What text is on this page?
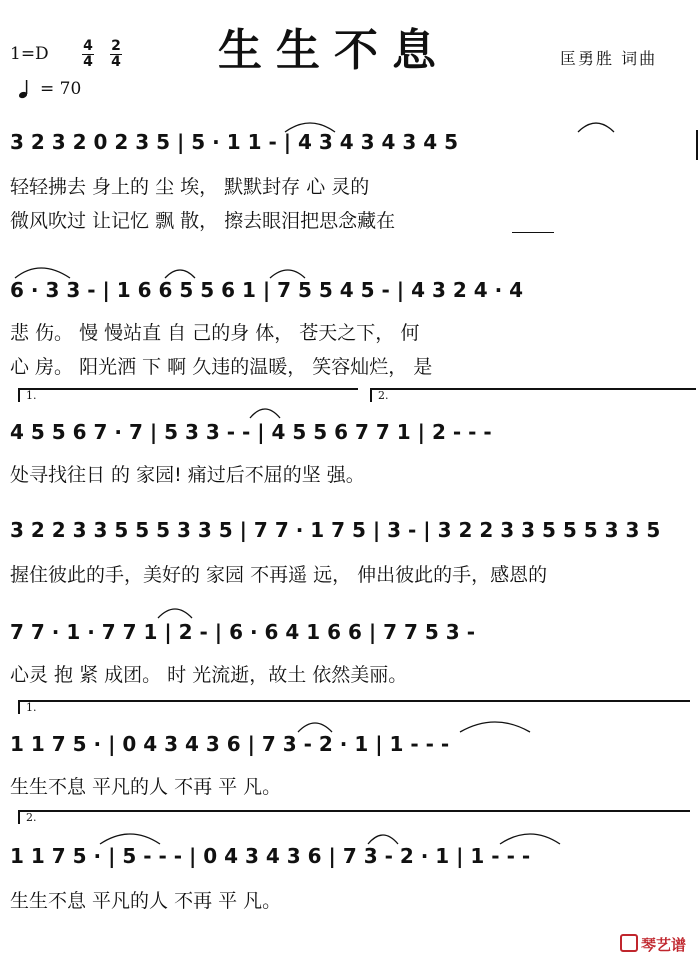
生生不息
1=D 4
4
2
4
= 70
匡勇胜 词曲
3 2 3 2 0 2 3 5 | 5 · 1 1 - | 4 3 4 3 4 3 4 5
轻轻拂去 身上的 尘 埃， 默默封存 心 灵的
微风吹过 让记忆 飘 散， 擦去眼泪把思念藏在
6 · 3 3 - | 1 6 6 5 5 6 1 | 7 5 5 4 5 - | 4 3 2 4 · 4
悲 伤。 慢 慢站直 自 己的身 体， 苍天之下， 何
心 房。 阳光洒 下 啊 久违的温暖， 笑容灿烂， 是
1.	2.
4 5 5 6 7 · 7 | 5 3 3 - - | 4 5 5 6 7 7 1 | 2 - - -
处寻找往日 的 家园! 痛过后不屈的坚 强。
3 2 2 3 3 5 5 5 3 3 5 | 7 7 · 1 7 5 | 3 - | 3 2 2 3 3 5 5 5 3 3 5
握住彼此的手，美好的 家园 不再遥 远， 伸出彼此的手，感恩的
7 7 · 1 · 7 7 1 | 2 - | 6 · 6 4 1 6 6 | 7 7 5 3 -
心灵 抱 紧 成团。 时 光流逝，故土 依然美丽。
1.
1 1 7 5 · | 0 4 3 4 3 6 | 7 3 - 2 · 1 | 1 - - -
生生不息 平凡的人 不再 平 凡。
2.
1 1 7 5 · | 5 - - - | 0 4 3 4 3 6 | 7 3 - 2 · 1 | 1 - - -
生生不息 平凡的人 不再 平 凡。
琴艺谱
